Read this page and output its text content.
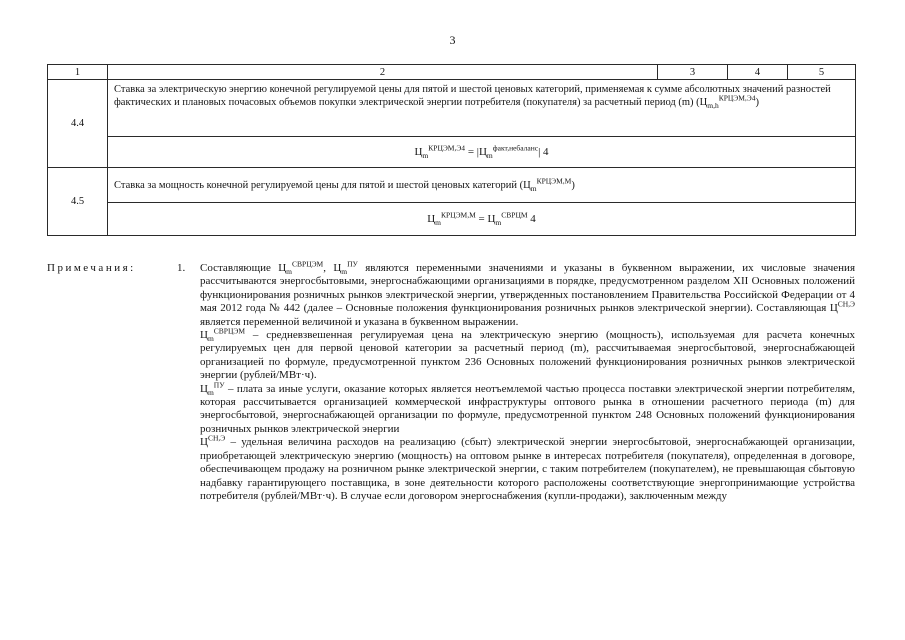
3
1	2	3	4	5
4.4	Ставка за электрическую энергию конечной регулируемой цены для пятой и шестой ценовых категорий, применяемая к сумме абсолютных значений разностей фактических и плановых почасовых объемов покупки электрической энергии потребителя (покупателя) за расчетный период (m) $(Ц_{m,h}^{КРЦЭМ,Э4})$			
	$Ц_m^{КРЦЭМ,Э4} = |Ц_m^{факт,небаланс}|$ 4			
4.5	Ставка за мощность конечной регулируемой цены для пятой и шестой ценовых категорий $(Ц_m^{КРЦЭМ,М})$			
	$Ц_m^{КРЦЭМ,М} = Ц_m^{СВРЦМ}$ 4			
Примечания:	1. Составляющие $Ц_m^{СВРЦЭМ}$, $Ц_m^{ПУ}$ являются переменными значениями и указаны в буквенном выражении, их числовые значения рассчитываются энергосбытовыми, энергоснабжающими организациями в порядке, предусмотренном разделом XII Основных положений функционирования розничных рынков электрической энергии, утвержденных постановлением Правительства Российской Федерации от 4 мая 2012 года № 442 (далее – Основные положения функционирования розничных рынков электрической энергии). Составляющая $Ц^{СН,Э}$ является переменной величиной и указана в буквенном выражении.

$Ц_m^{СВРЦЭМ}$ – средневзвешенная регулируемая цена на электрическую энергию (мощность), используемая для расчета конечных регулируемых цен для первой ценовой категории за расчетный период (m), рассчитываемая энергосбытовой, энергоснабжающей организацией по формуле, предусмотренной пунктом 236 Основных положений функционирования розничных рынков электрической энергии (рублей/МВт·ч).

$Ц_m^{ПУ}$ – плата за иные услуги, оказание которых является неотъемлемой частью процесса поставки электрической энергии потребителям, которая рассчитывается организацией коммерческой инфраструктуры оптового рынка в отношении расчетного периода (m) для энергосбытовой, энергоснабжающей организации по формуле, предусмотренной пунктом 248 Основных положений функционирования розничных рынков электрической энергии

$Ц^{СН,Э}$ – удельная величина расходов на реализацию (сбыт) электрической энергии энергосбытовой, энергоснабжающей организации, приобретающей электрическую энергию (мощность) на оптовом рынке в интересах потребителя (покупателя), определенная в договоре, обеспечивающем продажу на розничном рынке электрической энергии, с таким потребителем (покупателем), не превышающая сбытовую надбавку гарантирующего поставщика, в зоне деятельности которого расположены соответствующие энергопринимающие устройства потребителя (рублей/МВт·ч). В случае если договором энергоснабжения (купли-продажи), заключенным между
